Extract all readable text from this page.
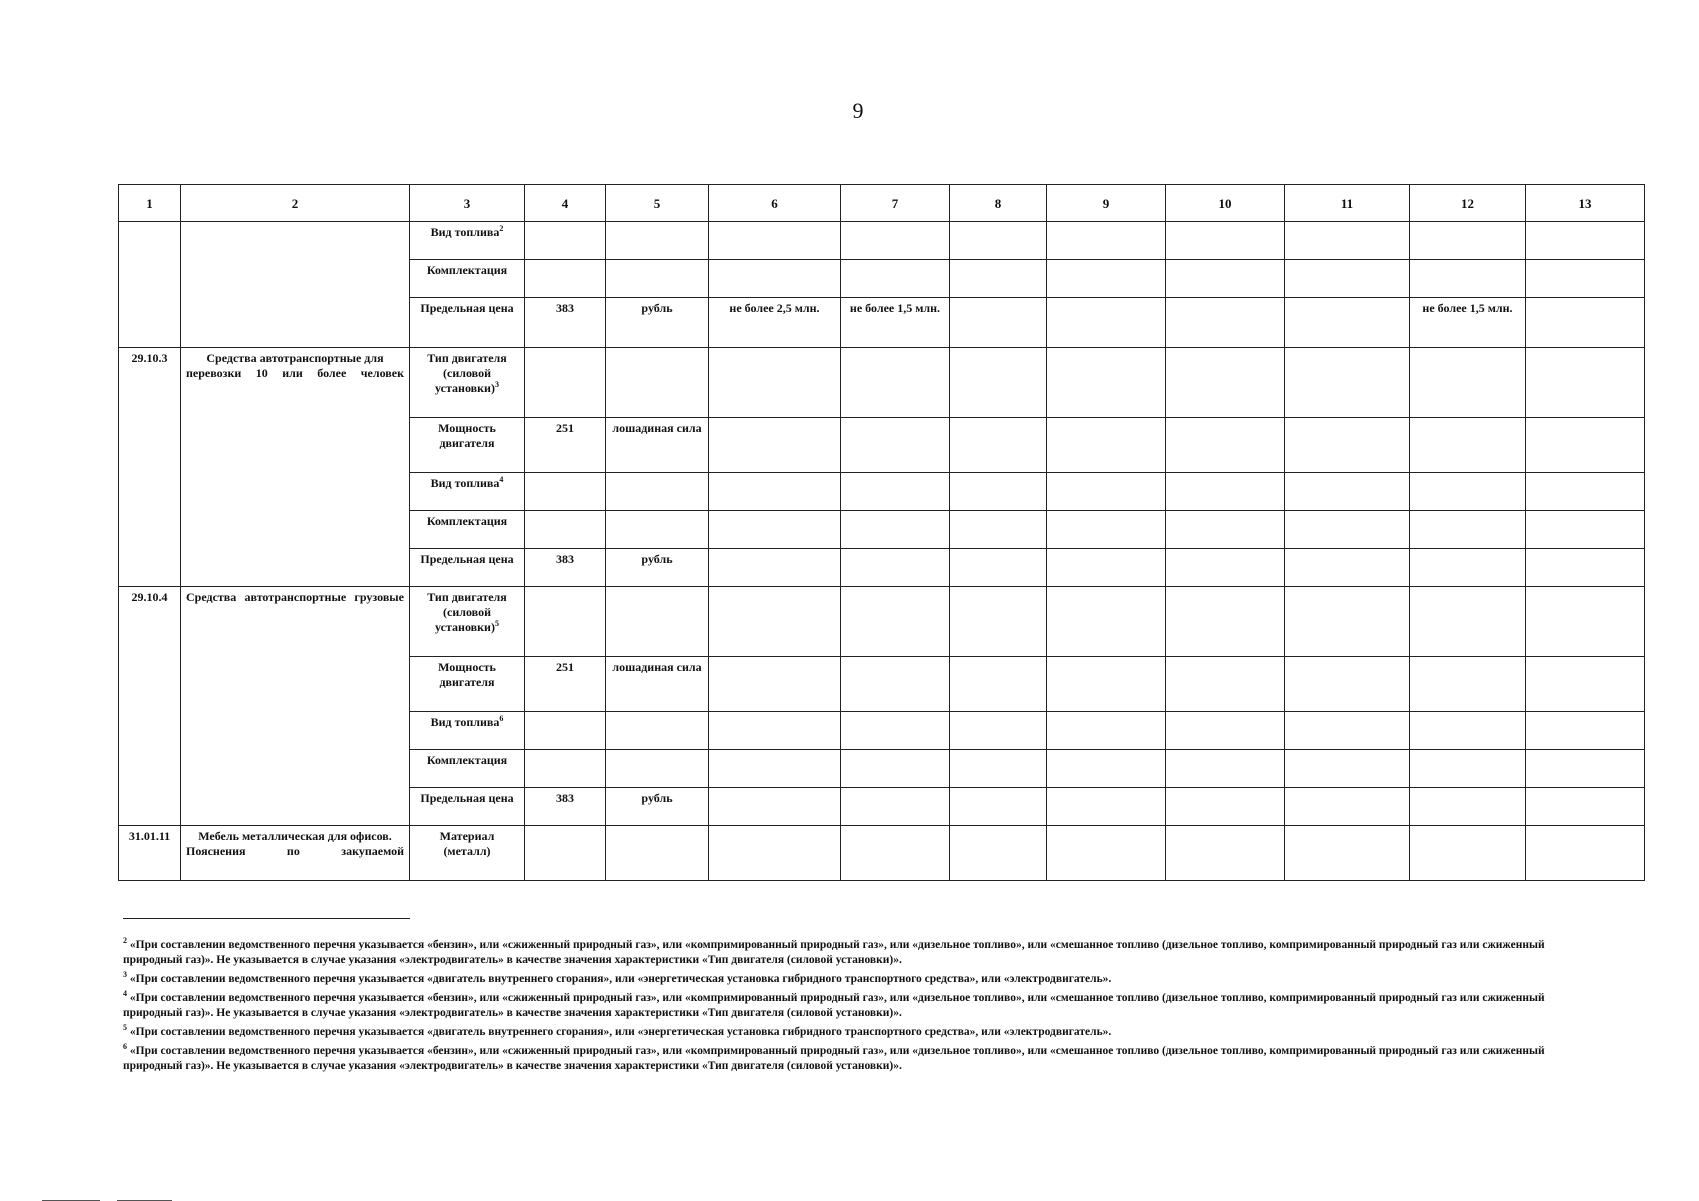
9
1	2	3	4	5	6	7	8	9	10	11	12	13
		Вид топлива$^2$										
		Комплектация										
		Предельная цена	383	рубль	не более 2,5 млн.	не более 1,5 млн.					не более 1,5 млн.	
29.10.3	Средства автотранспортные для перевозки 10 или более человек	Тип двигателя (силовой установки)$^3$										
		Мощность двигателя	251	лошадиная сила								
		Вид топлива$^4$										
		Комплектация										
		Предельная цена	383	рубль								
29.10.4	Средства автотранспортные грузовые	Тип двигателя (силовой установки)$^5$										
		Мощность двигателя	251	лошадиная сила								
		Вид топлива$^6$										
		Комплектация										
		Предельная цена	383	рубль								
31.01.11	Мебель металлическая для офисов. Пояснения по закупаемой	Материал (металл)										

$^2$ «При составлении ведомственного перечня указывается «бензин», или «сжиженный природный газ», или «компримированный природный газ», или «дизельное топливо», или «смешанное топливо (дизельное топливо, компримированный природный газ или сжиженный природный газ)». Не указывается в случае указания «электродвигатель» в качестве значения характеристики «Тип двигателя (силовой установки)».

$^3$ «При составлении ведомственного перечня указывается «двигатель внутреннего сгорания», или «энергетическая установка гибридного транспортного средства», или «электродвигатель».

$^4$ «При составлении ведомственного перечня указывается «бензин», или «сжиженный природный газ», или «компримированный природный газ», или «дизельное топливо», или «смешанное топливо (дизельное топливо, компримированный природный газ или сжиженный природный газ)». Не указывается в случае указания «электродвигатель» в качестве значения характеристики «Тип двигателя (силовой установки)».

$^5$ «При составлении ведомственного перечня указывается «двигатель внутреннего сгорания», или «энергетическая установка гибридного транспортного средства», или «электродвигатель».

$^6$ «При составлении ведомственного перечня указывается «бензин», или «сжиженный природный газ», или «компримированный природный газ», или «дизельное топливо», или «смешанное топливо (дизельное топливо, компримированный природный газ или сжиженный природный газ)». Не указывается в случае указания «электродвигатель» в качестве значения характеристики «Тип двигателя (силовой установки)».
